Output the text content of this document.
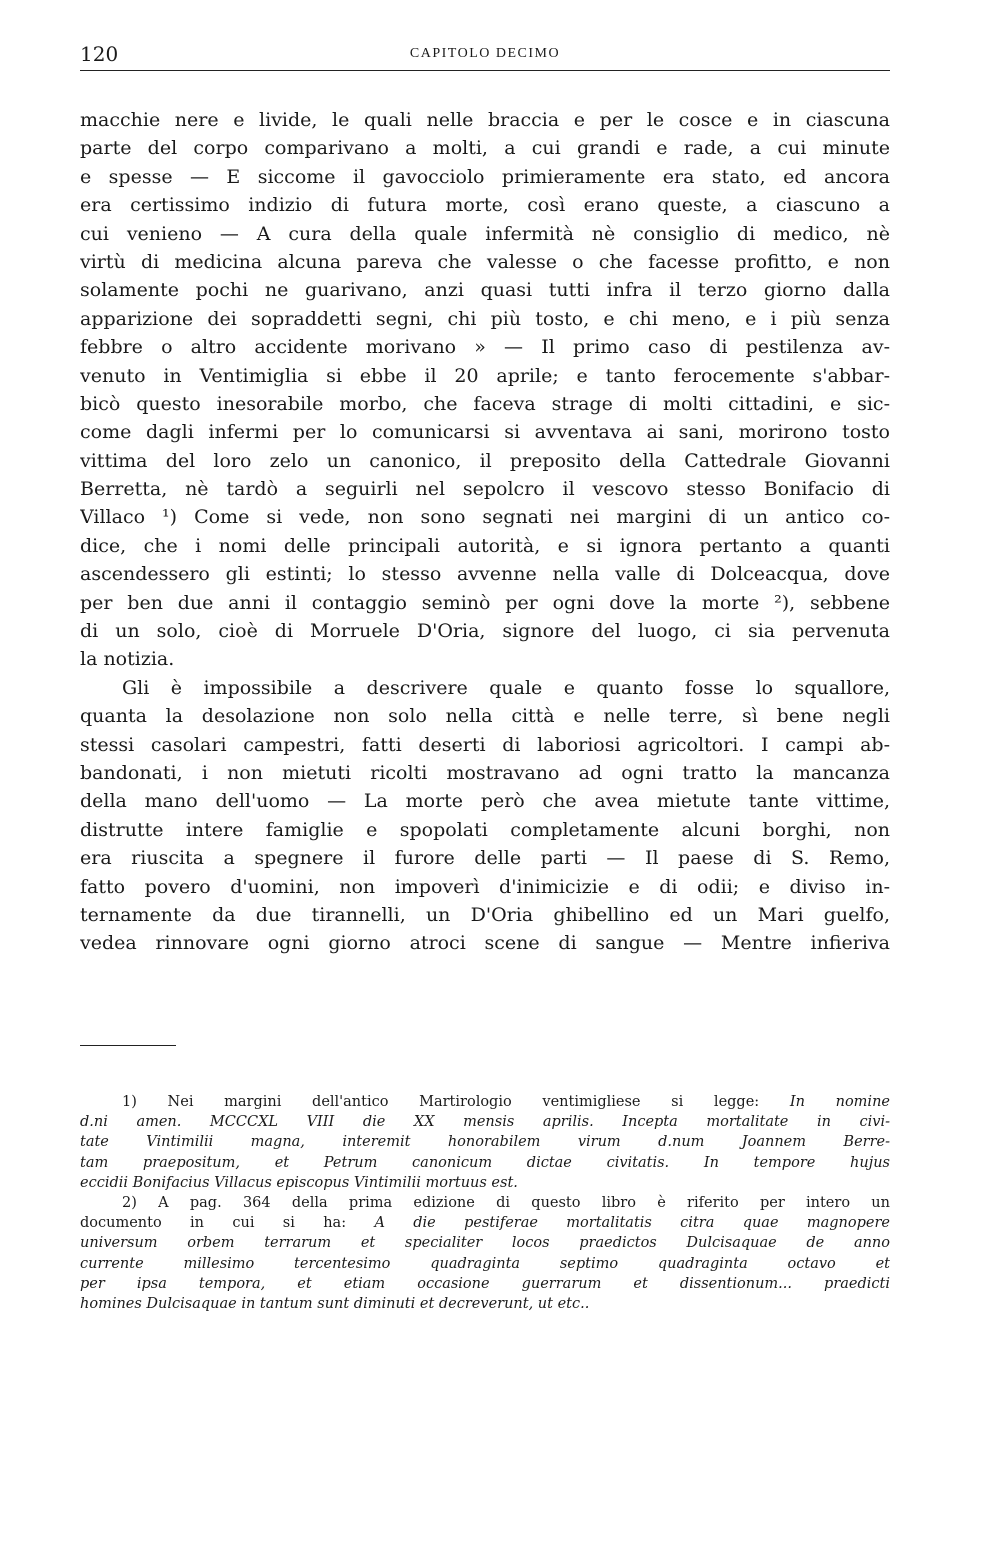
120	CAPITOLO DECIMO
macchie nere e livide, le quali nelle braccia e per le cosce e in ciascuna
parte del corpo comparivano a molti, a cui grandi e rade, a cui minute
e spesse — E siccome il gavocciolo primieramente era stato, ed ancora
era certissimo indizio di futura morte, così erano queste, a ciascuno a
cui venieno — A cura della quale infermità nè consiglio di medico, nè
virtù di medicina alcuna pareva che valesse o che facesse profitto, e non
solamente pochi ne guarivano, anzi quasi tutti infra il terzo giorno dalla
apparizione dei sopraddetti segni, chi più tosto, e chi meno, e i più senza
febbre o altro accidente morivano » — Il primo caso di pestilenza av-
venuto in Ventimiglia si ebbe il 20 aprile; e tanto ferocemente s'abbar-
bicò questo inesorabile morbo, che faceva strage di molti cittadini, e sic-
come dagli infermi per lo comunicarsi si avventava ai sani, morirono tosto
vittima del loro zelo un canonico, il preposito della Cattedrale Giovanni
Berretta, nè tardò a seguirli nel sepolcro il vescovo stesso Bonifacio di
Villaco ¹) Come si vede, non sono segnati nei margini di un antico co-
dice, che i nomi delle principali autorità, e si ignora pertanto a quanti
ascendessero gli estinti; lo stesso avvenne nella valle di Dolceacqua, dove
per ben due anni il contaggio seminò per ogni dove la morte ²), sebbene
di un solo, cioè di Morruele D'Oria, signore del luogo, ci sia pervenuta
la notizia.
Gli è impossibile a descrivere quale e quanto fosse lo squallore,
quanta la desolazione non solo nella città e nelle terre, sì bene negli
stessi casolari campestri, fatti deserti di laboriosi agricoltori. I campi ab-
bandonati, i non mietuti ricolti mostravano ad ogni tratto la mancanza
della mano dell'uomo — La morte però che avea mietute tante vittime,
distrutte intere famiglie e spopolati completamente alcuni borghi, non
era riuscita a spegnere il furore delle parti — Il paese di S. Remo,
fatto povero d'uomini, non impoverì d'inimicizie e di odii; e diviso in-
ternamente da due tirannelli, un D'Oria ghibellino ed un Mari guelfo,
vedea rinnovare ogni giorno atroci scene di sangue — Mentre infieriva
1) Nei margini dell'antico Martirologio ventimigliese si legge: In nomine
d.ni amen. MCCCXL VIII die XX mensis aprilis. Incepta mortalitate in civi-
tate Vintimilii magna, interemit honorabilem virum d.num Joannem Berre-
tam praepositum, et Petrum canonicum dictae civitatis. In tempore hujus
eccidii Bonifacius Villacus episcopus Vintimilii mortuus est.
2) A pag. 364 della prima edizione di questo libro è riferito per intero un
documento in cui si ha: A die pestiferae mortalitatis citra quae magnopere
universum orbem terrarum et specialiter locos praedictos Dulcisaquae de anno
currente millesimo tercentesimo quadraginta septimo quadraginta octavo et
per ipsa tempora, et etiam occasione guerrarum et dissentionum... praedicti
homines Dulcisaquae in tantum sunt diminuti et decreverunt, ut etc..
